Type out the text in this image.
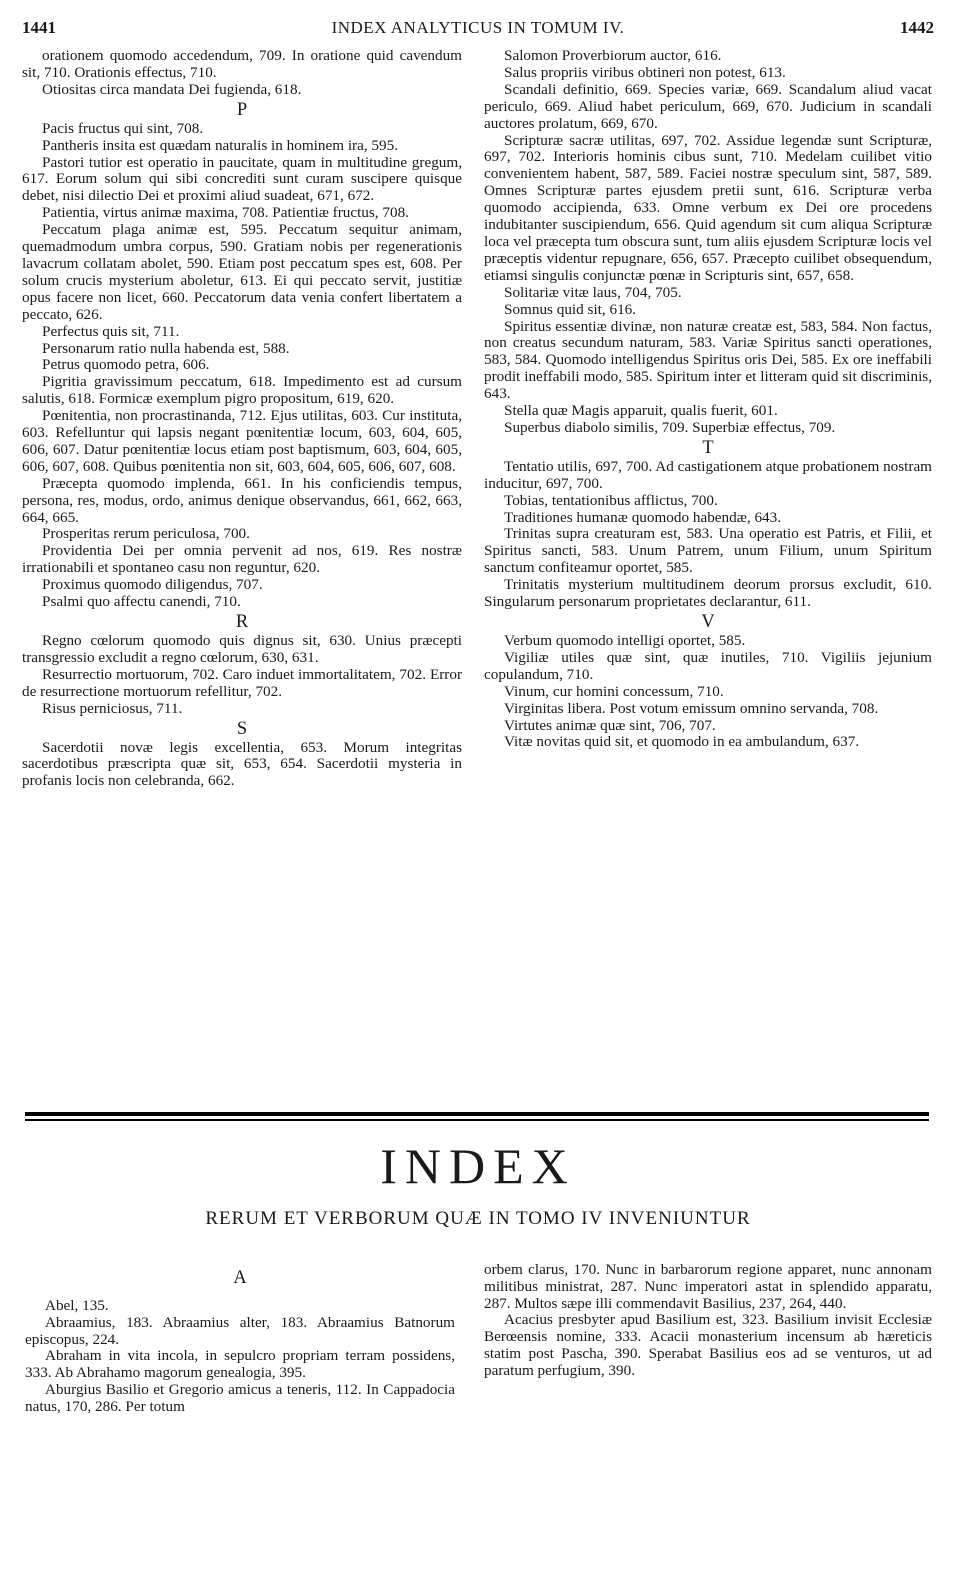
1441	INDEX ANALYTICUS IN TOMUM IV.	1442

orationem quomodo accedendum, 709. In oratione quid cavendum sit, 710. Orationis effectus, 710.

Otiositas circa mandata Dei fugienda, 618.

P

Pacis fructus qui sint, 708.

Pantheris insita est quædam naturalis in hominem ira, 595.

Pastori tutior est operatio in paucitate, quam in multitudine gregum, 617. Eorum solum qui sibi concrediti sunt curam suscipere quisque debet, nisi dilectio Dei et proximi aliud suadeat, 671, 672.

Patientia, virtus animæ maxima, 708. Patientiæ fructus, 708.

Peccatum plaga animæ est, 595. Peccatum sequitur animam, quemadmodum umbra corpus, 590. Gratiam nobis per regenerationis lavacrum collatam abolet, 590. Etiam post peccatum spes est, 608. Per solum crucis mysterium aboletur, 613. Ei qui peccato servit, justitiæ opus facere non licet, 660. Peccatorum data venia confert libertatem a peccato, 626.

Perfectus quis sit, 711.

Personarum ratio nulla habenda est, 588.

Petrus quomodo petra, 606.

Pigritia gravissimum peccatum, 618. Impedimento est ad cursum salutis, 618. Formicæ exemplum pigro propositum, 619, 620.

Pœnitentia, non procrastinanda, 712. Ejus utilitas, 603. Cur instituta, 603. Refelluntur qui lapsis negant pœnitentiæ locum, 603, 604, 605, 606, 607. Datur pœnitentiæ locus etiam post baptismum, 603, 604, 605, 606, 607, 608. Quibus pœnitentia non sit, 603, 604, 605, 606, 607, 608.

Præcepta quomodo implenda, 661. In his conficiendis tempus, persona, res, modus, ordo, animus denique observandus, 661, 662, 663, 664, 665.

Prosperitas rerum periculosa, 700.

Providentia Dei per omnia pervenit ad nos, 619. Res nostræ irrationabili et spontaneo casu non reguntur, 620.

Proximus quomodo diligendus, 707.

Psalmi quo affectu canendi, 710.

R

Regno cœlorum quomodo quis dignus sit, 630. Unius præcepti transgressio excludit a regno cœlorum, 630, 631.

Resurrectio mortuorum, 702. Caro induet immortalitatem, 702. Error de resurrectione mortuorum refellitur, 702.

Risus perniciosus, 711.

S

Sacerdotii novæ legis excellentia, 653. Morum integritas sacerdotibus præscripta quæ sit, 653, 654. Sacerdotii mysteria in profanis locis non celebranda, 662.

Salomon Proverbiorum auctor, 616.

Salus propriis viribus obtineri non potest, 613.

Scandali definitio, 669. Species variæ, 669. Scandalum aliud vacat periculo, 669. Aliud habet periculum, 669, 670. Judicium in scandali auctores prolatum, 669, 670.

Scripturæ sacræ utilitas, 697, 702. Assidue legendæ sunt Scripturæ, 697, 702. Interioris hominis cibus sunt, 710. Medelam cuilibet vitio convenientem habent, 587, 589. Faciei nostræ speculum sint, 587, 589. Omnes Scripturæ partes ejusdem pretii sunt, 616. Scripturæ verba quomodo accipienda, 633. Omne verbum ex Dei ore procedens indubitanter suscipiendum, 656. Quid agendum sit cum aliqua Scripturæ loca vel præcepta tum obscura sunt, tum aliis ejusdem Scripturæ locis vel præceptis videntur repugnare, 656, 657. Præcepto cuilibet obsequendum, etiamsi singulis conjunctæ pœnæ in Scripturis sint, 657, 658.

Solitariæ vitæ laus, 704, 705.

Somnus quid sit, 616.

Spiritus essentiæ divinæ, non naturæ creatæ est, 583, 584. Non factus, non creatus secundum naturam, 583. Variæ Spiritus sancti operationes, 583, 584. Quomodo intelligendus Spiritus oris Dei, 585. Ex ore ineffabili prodit ineffabili modo, 585. Spiritum inter et litteram quid sit discriminis, 643.

Stella quæ Magis apparuit, qualis fuerit, 601.

Superbus diabolo similis, 709. Superbiæ effectus, 709.

T

Tentatio utilis, 697, 700. Ad castigationem atque probationem nostram inducitur, 697, 700.

Tobias, tentationibus afflictus, 700.

Traditiones humanæ quomodo habendæ, 643.

Trinitas supra creaturam est, 583. Una operatio est Patris, et Filii, et Spiritus sancti, 583. Unum Patrem, unum Filium, unum Spiritum sanctum confiteamur oportet, 585.

Trinitatis mysterium multitudinem deorum prorsus excludit, 610. Singularum personarum proprietates declarantur, 611.

V

Verbum quomodo intelligi oportet, 585.

Vigiliæ utiles quæ sint, quæ inutiles, 710. Vigiliis jejunium copulandum, 710.

Vinum, cur homini concessum, 710.

Virginitas libera. Post votum emissum omnino servanda, 708.

Virtutes animæ quæ sint, 706, 707.

Vitæ novitas quid sit, et quomodo in ea ambulandum, 637.

INDEX
RERUM ET VERBORUM QUÆ IN TOMO IV INVENIUNTUR
A

Abel, 135.

Abraamius, 183. Abraamius alter, 183. Abraamius Batnorum episcopus, 224.

Abraham in vita incola, in sepulcro propriam terram possidens, 333. Ab Abrahamo magorum genealogia, 395.

Aburgius Basilio et Gregorio amicus a teneris, 112. In Cappadocia natus, 170, 286. Per totum

orbem clarus, 170. Nunc in barbarorum regione apparet, nunc annonam militibus ministrat, 287. Nunc imperatori astat in splendido apparatu, 287. Multos sæpe illi commendavit Basilius, 237, 264, 440.

Acacius presbyter apud Basilium est, 323. Basilium invisit Ecclesiæ Berœensis nomine, 333. Acacii monasterium incensum ab hæreticis statim post Pascha, 390. Sperabat Basilius eos ad se venturos, ut ad paratum perfugium, 390.
